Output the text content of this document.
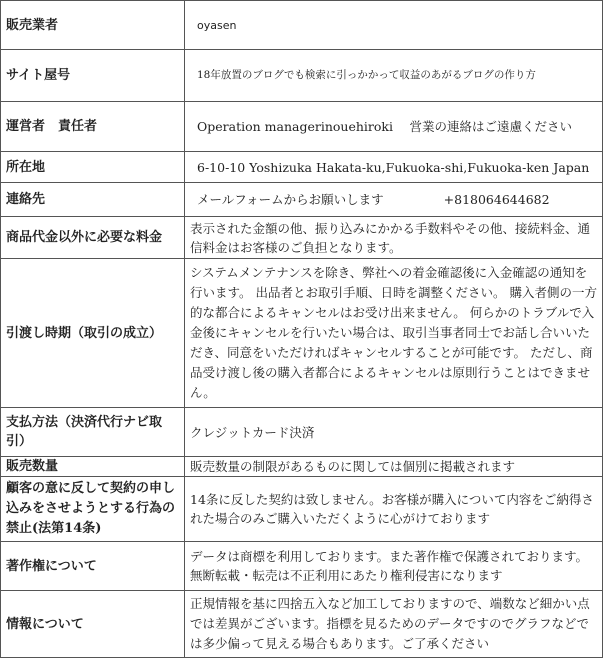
販売業者	oyasen
サイト屋号	18年放置のブログでも検索に引っかかって収益のあがるブログの作り方
運営者　責任者	Operation managerinouehiroki　 営業の連絡はご遠慮ください
所在地	6-10-10 Yoshizuka Hakata-ku,Fukuoka-shi,Fukuoka-ken Japan
連絡先	メールフォームからお願いします +818064644682
商品代金以外に必要な料金	表示された金額の他、振り込みにかかる手数料やその他、接続料金、通信料金はお客様のご負担となります。
引渡し時期（取引の成立）	システムメンテナンスを除き、弊社への着金確認後に入金確認の通知を行います。 出品者とお取引手順、日時を調整ください。 購入者側の一方的な都合によるキャンセルはお受け出来ません。 何らかのトラブルで入金後にキャンセルを行いたい場合は、取引当事者同士でお話し合いいただき、同意をいただければキャンセルすることが可能です。 ただし、商品受け渡し後の購入者都合によるキャンセルは原則行うことはできません。
支払方法（決済代行ナビ取引）	クレジットカード決済
販売数量	販売数量の制限があるものに関しては個別に掲載されます
顧客の意に反して契約の申し込みをさせようとする行為の禁止(法第14条)	14条に反した契約は致しません。お客様が購入について内容をご納得された場合のみご購入いただくように心がけております
著作権について	データは商標を利用しております。また著作権で保護されております。無断転載・転売は不正利用にあたり権利侵害になります
情報について	正規情報を基に四捨五入など加工しておりますので、端数など細かい点では差異がございます。指標を見るためのデータですのでグラフなどでは多少偏って見える場合もあります。ご了承ください
